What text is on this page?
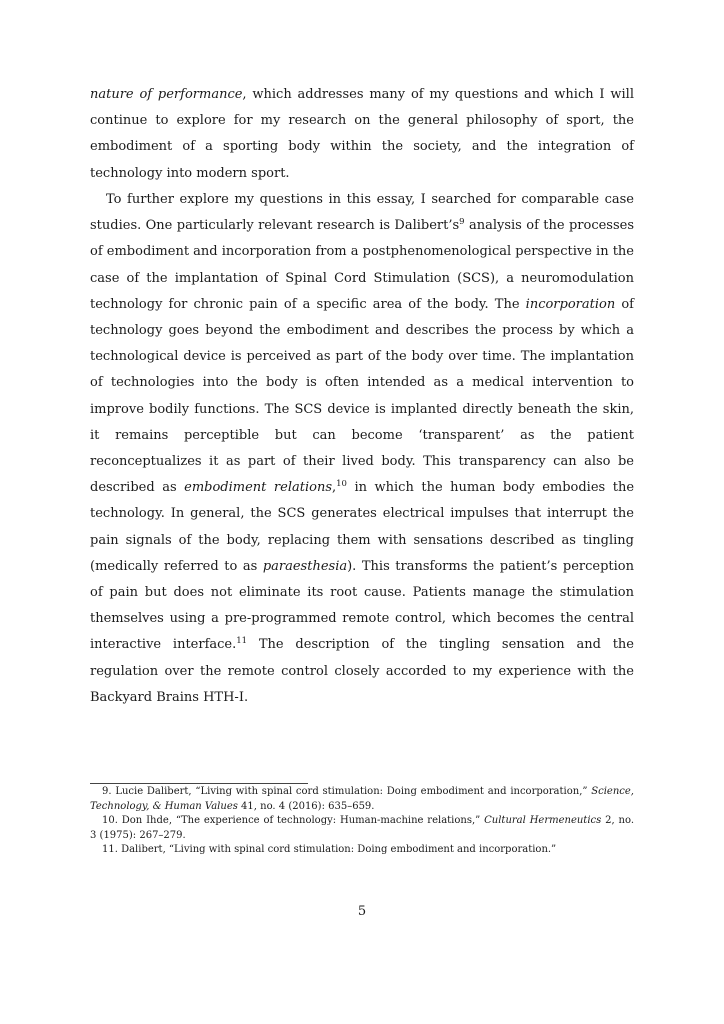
nature of performance, which addresses many of my questions and which I will continue to explore for my research on the general philosophy of sport, the embodiment of a sporting body within the society, and the integration of technology into modern sport.

To further explore my questions in this essay, I searched for comparable case studies. One particularly relevant research is $Dalibert’s^9$ analysis of the processes of embodiment and incorporation from a postphenomenological perspective in the case of the implantation of Spinal Cord Stimulation (SCS), a neuromodulation technology for chronic pain of a specific area of the body. The incorporation of technology goes beyond the embodiment and describes the process by which a technological device is perceived as part of the body over time. The implantation of technologies into the body is often intended as a medical intervention to improve bodily functions. The SCS device is implanted directly beneath the skin, it remains perceptible but can become ‘transparent’ as the patient reconceptualizes it as part of their lived body. This transparency can also be described as embodiment relations,$^{10}$ in which the human body embodies the technology. In general, the SCS generates electrical impulses that interrupt the pain signals of the body, replacing them with sensations described as tingling (medically referred to as paraesthesia). This transforms the patient’s perception of pain but does not eliminate its root cause. Patients manage the stimulation themselves using a pre-programmed remote control, which becomes the central interactive interface.$^{11}$ The description of the tingling sensation and the regulation over the remote control closely accorded to my experience with the Backyard Brains HTH-I.

9. Lucie Dalibert, “Living with spinal cord stimulation: Doing embodiment and incorporation,” Science, Technology, & Human Values 41, no. 4 (2016): 635–659.

10. Don Ihde, “The experience of technology: Human-machine relations,” Cultural Hermeneutics 2, no. 3 (1975): 267–279.

11. Dalibert, “Living with spinal cord stimulation: Doing embodiment and incorporation.”

5
